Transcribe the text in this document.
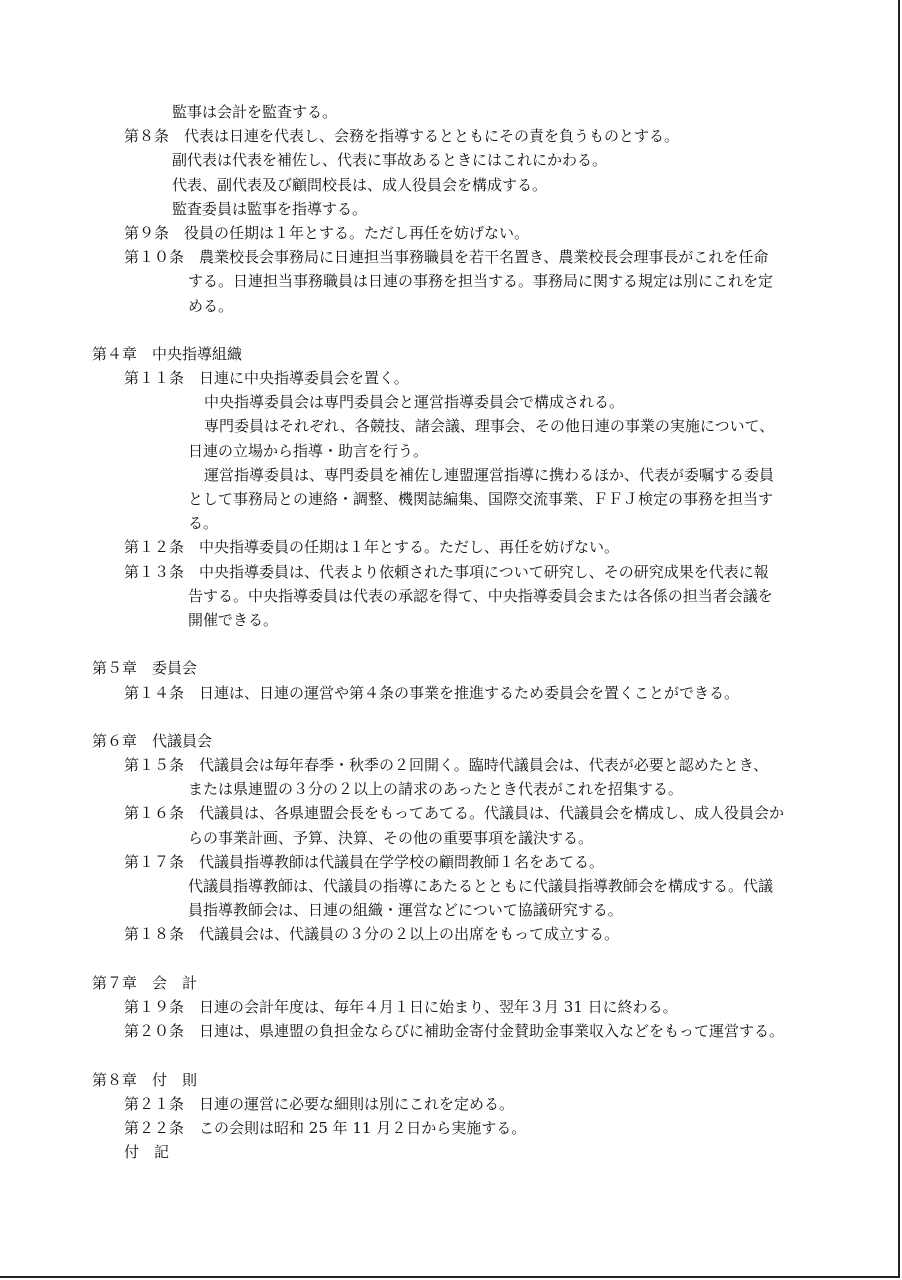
監事は会計を監査する。
第８条　代表は日連を代表し、会務を指導するとともにその責を負うものとする。
副代表は代表を補佐し、代表に事故あるときにはこれにかわる。
代表、副代表及び顧問校長は、成人役員会を構成する。
監査委員は監事を指導する。
第９条　役員の任期は１年とする。ただし再任を妨げない。
第１０条　農業校長会事務局に日連担当事務職員を若干名置き、農業校長会理事長がこれを任命
する。日連担当事務職員は日連の事務を担当する。事務局に関する規定は別にこれを定
める。
第４章　中央指導組織
第１１条　日連に中央指導委員会を置く。
中央指導委員会は専門委員会と運営指導委員会で構成される。
専門委員はそれぞれ、各競技、諸会議、理事会、その他日連の事業の実施について、
日連の立場から指導・助言を行う。
運営指導委員は、専門委員を補佐し連盟運営指導に携わるほか、代表が委嘱する委員
として事務局との連絡・調整、機関誌編集、国際交流事業、ＦＦＪ検定の事務を担当す
る。
第１２条　中央指導委員の任期は１年とする。ただし、再任を妨げない。
第１３条　中央指導委員は、代表より依頼された事項について研究し、その研究成果を代表に報
告する。中央指導委員は代表の承認を得て、中央指導委員会または各係の担当者会議を
開催できる。
第５章　委員会
第１４条　日連は、日連の運営や第４条の事業を推進するため委員会を置くことができる。
第６章　代議員会
第１５条　代議員会は毎年春季・秋季の２回開く。臨時代議員会は、代表が必要と認めたとき、
または県連盟の３分の２以上の請求のあったとき代表がこれを招集する。
第１６条　代議員は、各県連盟会長をもってあてる。代議員は、代議員会を構成し、成人役員会か
らの事業計画、予算、決算、その他の重要事項を議決する。
第１７条　代議員指導教師は代議員在学学校の顧問教師１名をあてる。
代議員指導教師は、代議員の指導にあたるとともに代議員指導教師会を構成する。代議
員指導教師会は、日連の組織・運営などについて協議研究する。
第１８条　代議員会は、代議員の３分の２以上の出席をもって成立する。
第７章　会　計
第１９条　日連の会計年度は、毎年４月１日に始まり、翌年３月 31 日に終わる。
第２０条　日連は、県連盟の負担金ならびに補助金寄付金賛助金事業収入などをもって運営する。
第８章　付　則
第２１条　日連の運営に必要な細則は別にこれを定める。
第２２条　この会則は昭和 25 年 11 月２日から実施する。
付　記
